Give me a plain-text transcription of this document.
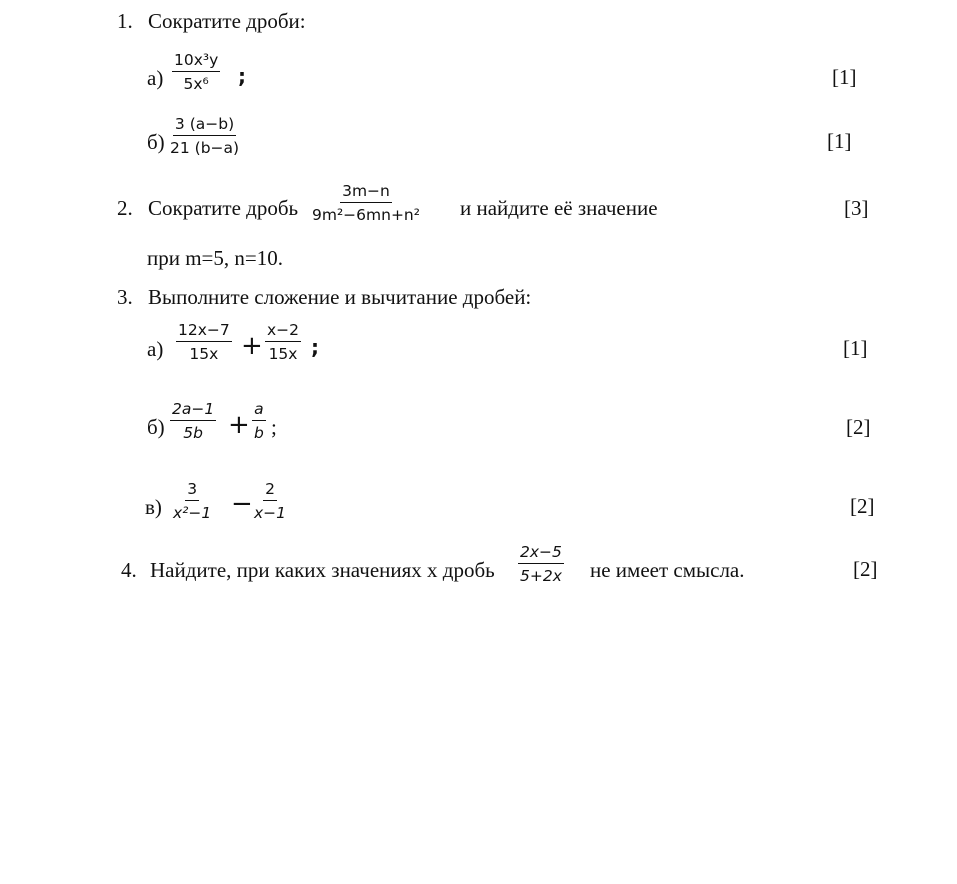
1. Сократите дроби:
$а) \frac{\text{10x³y}}{\text{5x⁶}}$ ;	[1]
$б) \frac{3 (a-b)}{21 (b-a)}$	[1]
2. Сократите дробь $\frac{3m-n}{\text{9m²−6mn+n²}}$ и найдите её значение	[3]
при m=5, n=10.
3. Выполните сложение и вычитание дробей:
$а) \frac{12x-7}{15x} + \frac{x-2}{15x}$ ;	[1]
$б) \frac{2a-1}{5b} + \frac{a}{b}$ ;	[2]
$в) \frac{3}{\text{x²−1}} - \frac{2}{x-1}$	[2]
4. Найдите, при каких значениях х дробь $\frac{2x-5}{5+2x}$ не имеет смысла.	[2]
